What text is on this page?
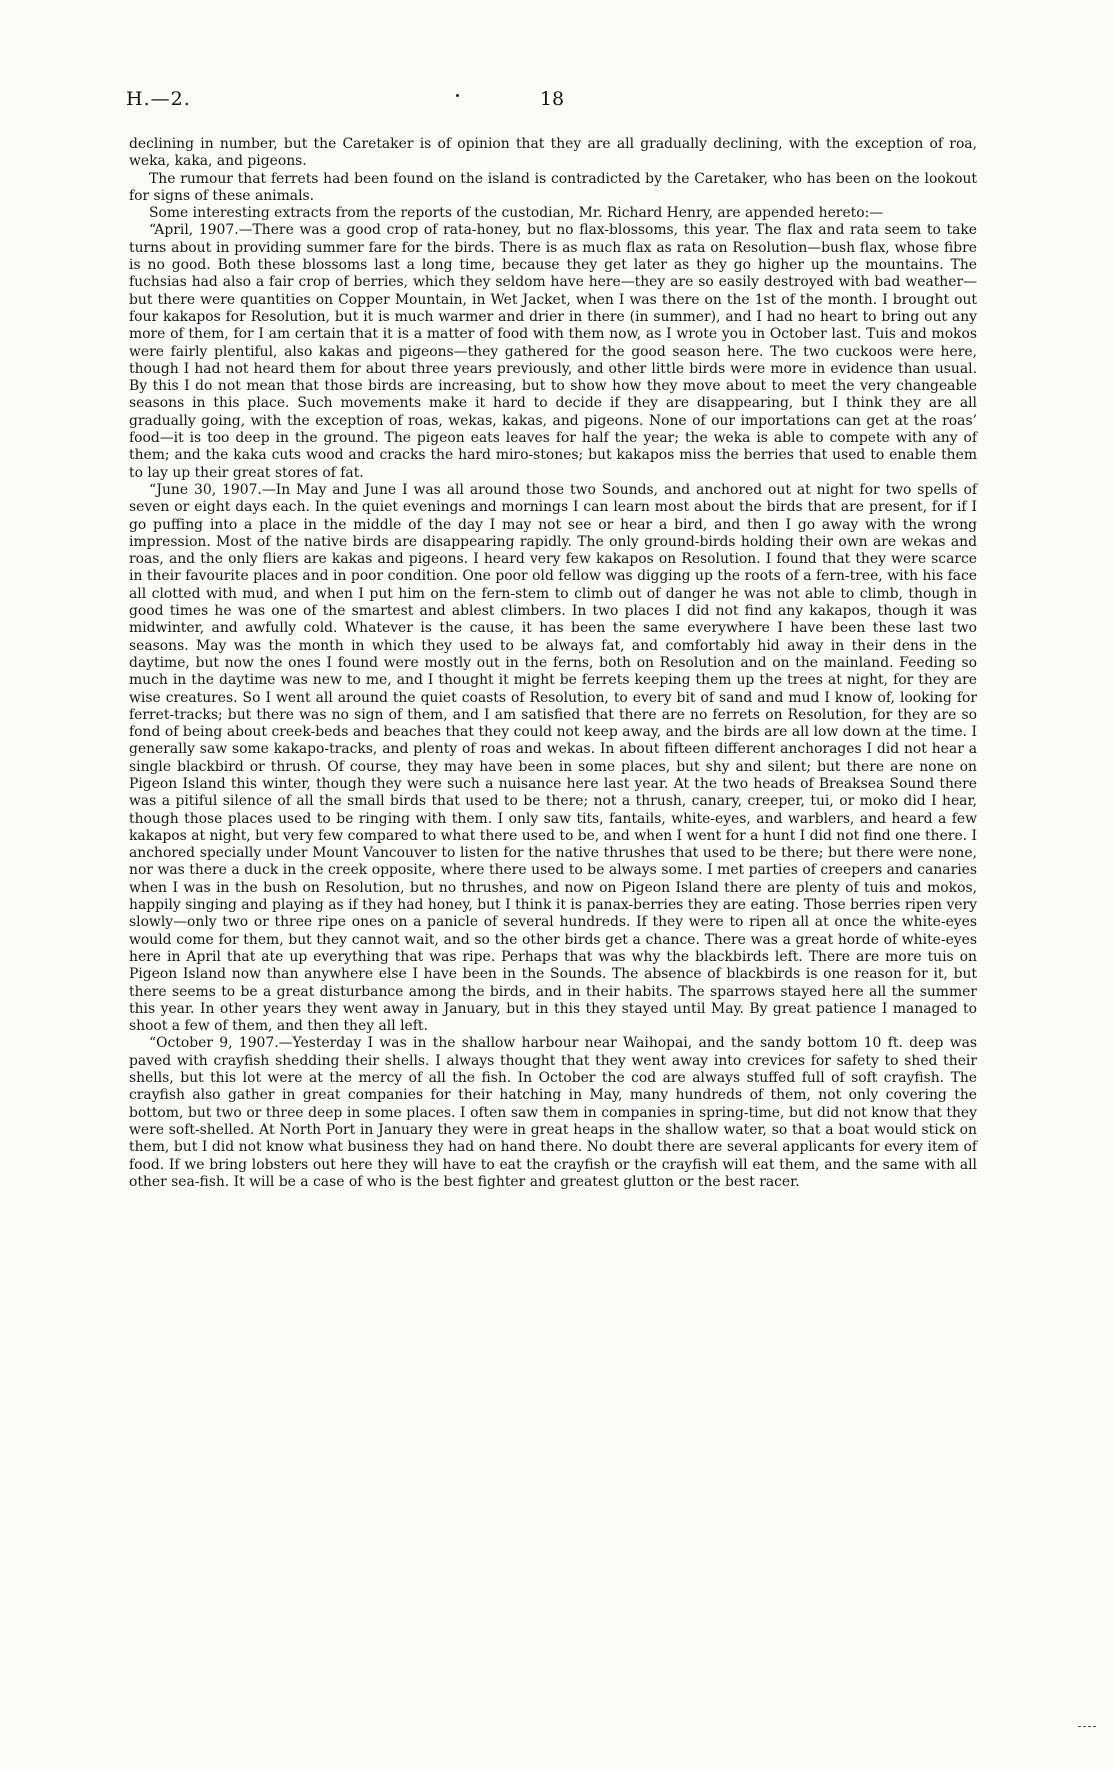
H.—2.	18

declining in number, but the Caretaker is of opinion that they are all gradually declining, with the exception of roa, weka, kaka, and pigeons.

The rumour that ferrets had been found on the island is contradicted by the Caretaker, who has been on the lookout for signs of these animals.

Some interesting extracts from the reports of the custodian, Mr. Richard Henry, are appended hereto:—

“April, 1907.—There was a good crop of rata-honey, but no flax-blossoms, this year. The flax and rata seem to take turns about in providing summer fare for the birds. There is as much flax as rata on Resolution—bush flax, whose fibre is no good. Both these blossoms last a long time, because they get later as they go higher up the mountains. The fuchsias had also a fair crop of berries, which they seldom have here—they are so easily destroyed with bad weather—but there were quantities on Copper Mountain, in Wet Jacket, when I was there on the 1st of the month. I brought out four kakapos for Resolution, but it is much warmer and drier in there (in summer), and I had no heart to bring out any more of them, for I am certain that it is a matter of food with them now, as I wrote you in October last. Tuis and mokos were fairly plentiful, also kakas and pigeons—they gathered for the good season here. The two cuckoos were here, though I had not heard them for about three years previously, and other little birds were more in evidence than usual. By this I do not mean that those birds are increasing, but to show how they move about to meet the very changeable seasons in this place. Such movements make it hard to decide if they are disappearing, but I think they are all gradually going, with the exception of roas, wekas, kakas, and pigeons. None of our importations can get at the roas’ food—it is too deep in the ground. The pigeon eats leaves for half the year; the weka is able to compete with any of them; and the kaka cuts wood and cracks the hard miro-stones; but kakapos miss the berries that used to enable them to lay up their great stores of fat.

“June 30, 1907.—In May and June I was all around those two Sounds, and anchored out at night for two spells of seven or eight days each. In the quiet evenings and mornings I can learn most about the birds that are present, for if I go puffing into a place in the middle of the day I may not see or hear a bird, and then I go away with the wrong impression. Most of the native birds are disappearing rapidly. The only ground-birds holding their own are wekas and roas, and the only fliers are kakas and pigeons. I heard very few kakapos on Resolution. I found that they were scarce in their favourite places and in poor condition. One poor old fellow was digging up the roots of a fern-tree, with his face all clotted with mud, and when I put him on the fern-stem to climb out of danger he was not able to climb, though in good times he was one of the smartest and ablest climbers. In two places I did not find any kakapos, though it was midwinter, and awfully cold. Whatever is the cause, it has been the same everywhere I have been these last two seasons. May was the month in which they used to be always fat, and comfortably hid away in their dens in the daytime, but now the ones I found were mostly out in the ferns, both on Resolution and on the mainland. Feeding so much in the daytime was new to me, and I thought it might be ferrets keeping them up the trees at night, for they are wise creatures. So I went all around the quiet coasts of Resolution, to every bit of sand and mud I know of, looking for ferret-tracks; but there was no sign of them, and I am satisfied that there are no ferrets on Resolution, for they are so fond of being about creek-beds and beaches that they could not keep away, and the birds are all low down at the time. I generally saw some kakapo-tracks, and plenty of roas and wekas. In about fifteen different anchorages I did not hear a single blackbird or thrush. Of course, they may have been in some places, but shy and silent; but there are none on Pigeon Island this winter, though they were such a nuisance here last year. At the two heads of Breaksea Sound there was a pitiful silence of all the small birds that used to be there; not a thrush, canary, creeper, tui, or moko did I hear, though those places used to be ringing with them. I only saw tits, fantails, white-eyes, and warblers, and heard a few kakapos at night, but very few compared to what there used to be, and when I went for a hunt I did not find one there. I anchored specially under Mount Vancouver to listen for the native thrushes that used to be there; but there were none, nor was there a duck in the creek opposite, where there used to be always some. I met parties of creepers and canaries when I was in the bush on Resolution, but no thrushes, and now on Pigeon Island there are plenty of tuis and mokos, happily singing and playing as if they had honey, but I think it is panax-berries they are eating. Those berries ripen very slowly—only two or three ripe ones on a panicle of several hundreds. If they were to ripen all at once the white-eyes would come for them, but they cannot wait, and so the other birds get a chance. There was a great horde of white-eyes here in April that ate up everything that was ripe. Perhaps that was why the blackbirds left. There are more tuis on Pigeon Island now than anywhere else I have been in the Sounds. The absence of blackbirds is one reason for it, but there seems to be a great disturbance among the birds, and in their habits. The sparrows stayed here all the summer this year. In other years they went away in January, but in this they stayed until May. By great patience I managed to shoot a few of them, and then they all left.

“October 9, 1907.—Yesterday I was in the shallow harbour near Waihopai, and the sandy bottom 10 ft. deep was paved with crayfish shedding their shells. I always thought that they went away into crevices for safety to shed their shells, but this lot were at the mercy of all the fish. In October the cod are always stuffed full of soft crayfish. The crayfish also gather in great companies for their hatching in May, many hundreds of them, not only covering the bottom, but two or three deep in some places. I often saw them in companies in spring-time, but did not know that they were soft-shelled. At North Port in January they were in great heaps in the shallow water, so that a boat would stick on them, but I did not know what business they had on hand there. No doubt there are several applicants for every item of food. If we bring lobsters out here they will have to eat the crayfish or the crayfish will eat them, and the same with all other sea-fish. It will be a case of who is the best fighter and greatest glutton or the best racer.
